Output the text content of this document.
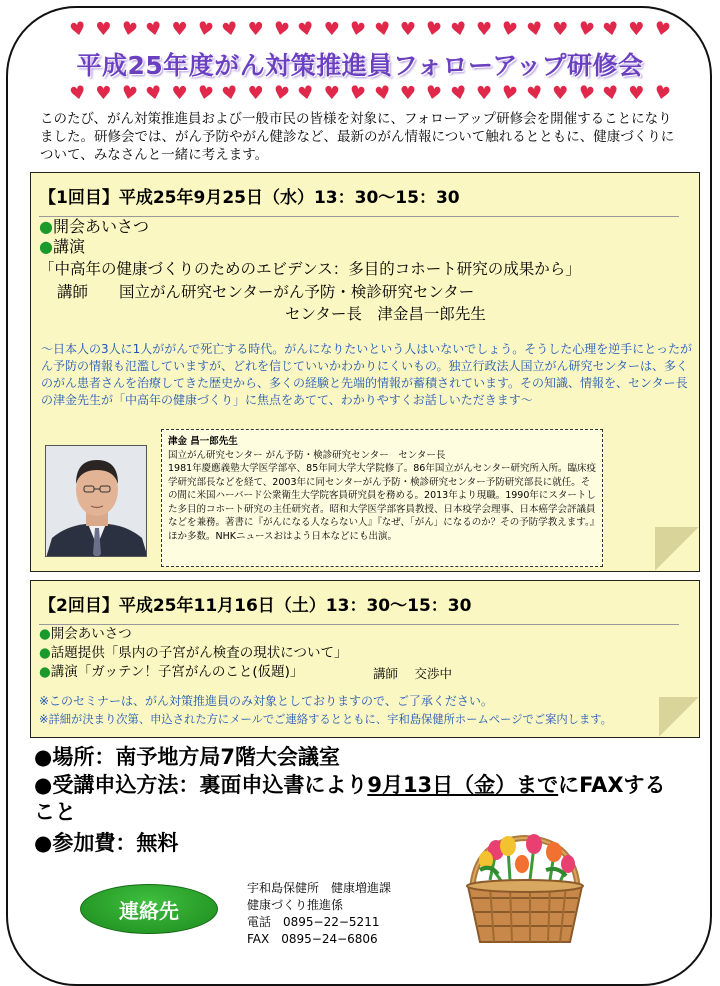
♥ ♥ ♥ ♥ ♥ ♥ ♥ ♥ ♥ ♥ ♥ ♥ ♥ ♥ ♥ ♥ ♥ ♥ ♥ ♥ ♥ ♥ ♥ ♥
平成25年度がん対策推進員フォローアップ研修会
♥ ♥ ♥ ♥ ♥ ♥ ♥ ♥ ♥ ♥ ♥ ♥ ♥ ♥ ♥ ♥ ♥ ♥ ♥ ♥ ♥ ♥ ♥ ♥
このたび、がん対策推進員および一般市民の皆様を対象に、フォローアップ研修会を開催することになりました。研修会では、がん予防やがん健診など、最新のがん情報について触れるとともに、健康づくりについて、みなさんと一緒に考えます。
【1回目】平成25年9月25日（水）13：30〜15：30
●開会あいさつ
●講演
「中高年の健康づくりのためのエビデンス：多目的コホート研究の成果から」
講師　　国立がん研究センターがん予防・検診研究センター
センター長　津金昌一郎先生
〜日本人の3人に1人ががんで死亡する時代。がんになりたいという人はいないでしょう。そうした心理を逆手にとったがん予防の情報も氾濫していますが、どれを信じていいかわかりにくいもの。独立行政法人国立がん研究センターは、多くのがん患者さんを治療してきた歴史から、多くの経験と先端的情報が蓄積されています。その知識、情報を、センター長の津金先生が「中高年の健康づくり」に焦点をあてて、わかりやすくお話しいただきます〜
津金 昌一郎先生
国立がん研究センター がん予防・検診研究センター　センター長
1981年慶應義塾大学医学部卒、85年同大学大学院修了。86年国立がんセンター研究所入所。臨床疫学研究部長などを経て、2003年に同センターがん予防・検診研究センター予防研究部長に就任。その間に米国ハーバード公衆衛生大学院客員研究員を務める。2013年より現職。1990年にスタートした多目的コホート研究の主任研究者。昭和大学医学部客員教授、日本疫学会理事、日本癌学会評議員などを兼務。著書に『がんになる人ならない人』『なぜ、「がん」になるのか？その予防学教えます。』ほか多数。NHKニュースおはよう日本などにも出演。
【2回目】平成25年11月16日（土）13：30〜15：30
●開会あいさつ
●話題提供「県内の子宮がん検査の現状について」
●講演「ガッテン！子宮がんのこと(仮題)」	講師　 交渉中
※このセミナーは、がん対策推進員のみ対象としておりますので、ご了承ください。
※詳細が決まり次第、申込された方にメールでご連絡するとともに、宇和島保健所ホームページでご案内します。
●場所：南予地方局7階大会議室
●受講申込方法：裏面申込書により9月13日（金）までにFAXする
こと
●参加費：無料
連絡先
宇和島保健所　健康増進課
健康づくり推進係
電話　0895−22−5211
FAX　0895−24−6806
